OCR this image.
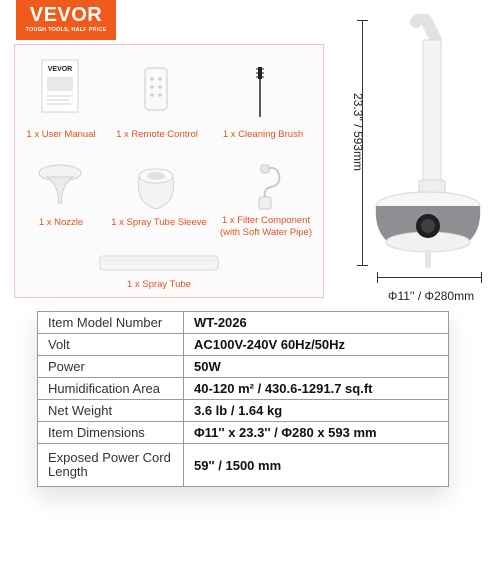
VEVOR
TOUGH TOOLS, HALF PRICE
VEVOR
1 x User Manual	1 x Remote Control	1 x Cleaning Brush
1 x Nozzle	1 x Spray Tube Sleeve	1 x Filter Component
(with Soft Water Pipe)
1 x Spray Tube
23.3'' / 593mm
Φ11'' / Φ280mm
Item Model Number	WT-2026
Volt	AC100V-240V 60Hz/50Hz
Power	50W
Humidification Area	40-120 m² / 430.6-1291.7 sq.ft
Net Weight	3.6 lb / 1.64 kg
Item Dimensions	Φ11'' x 23.3'' / Φ280 x 593 mm
Exposed Power Cord Length	59'' / 1500 mm
